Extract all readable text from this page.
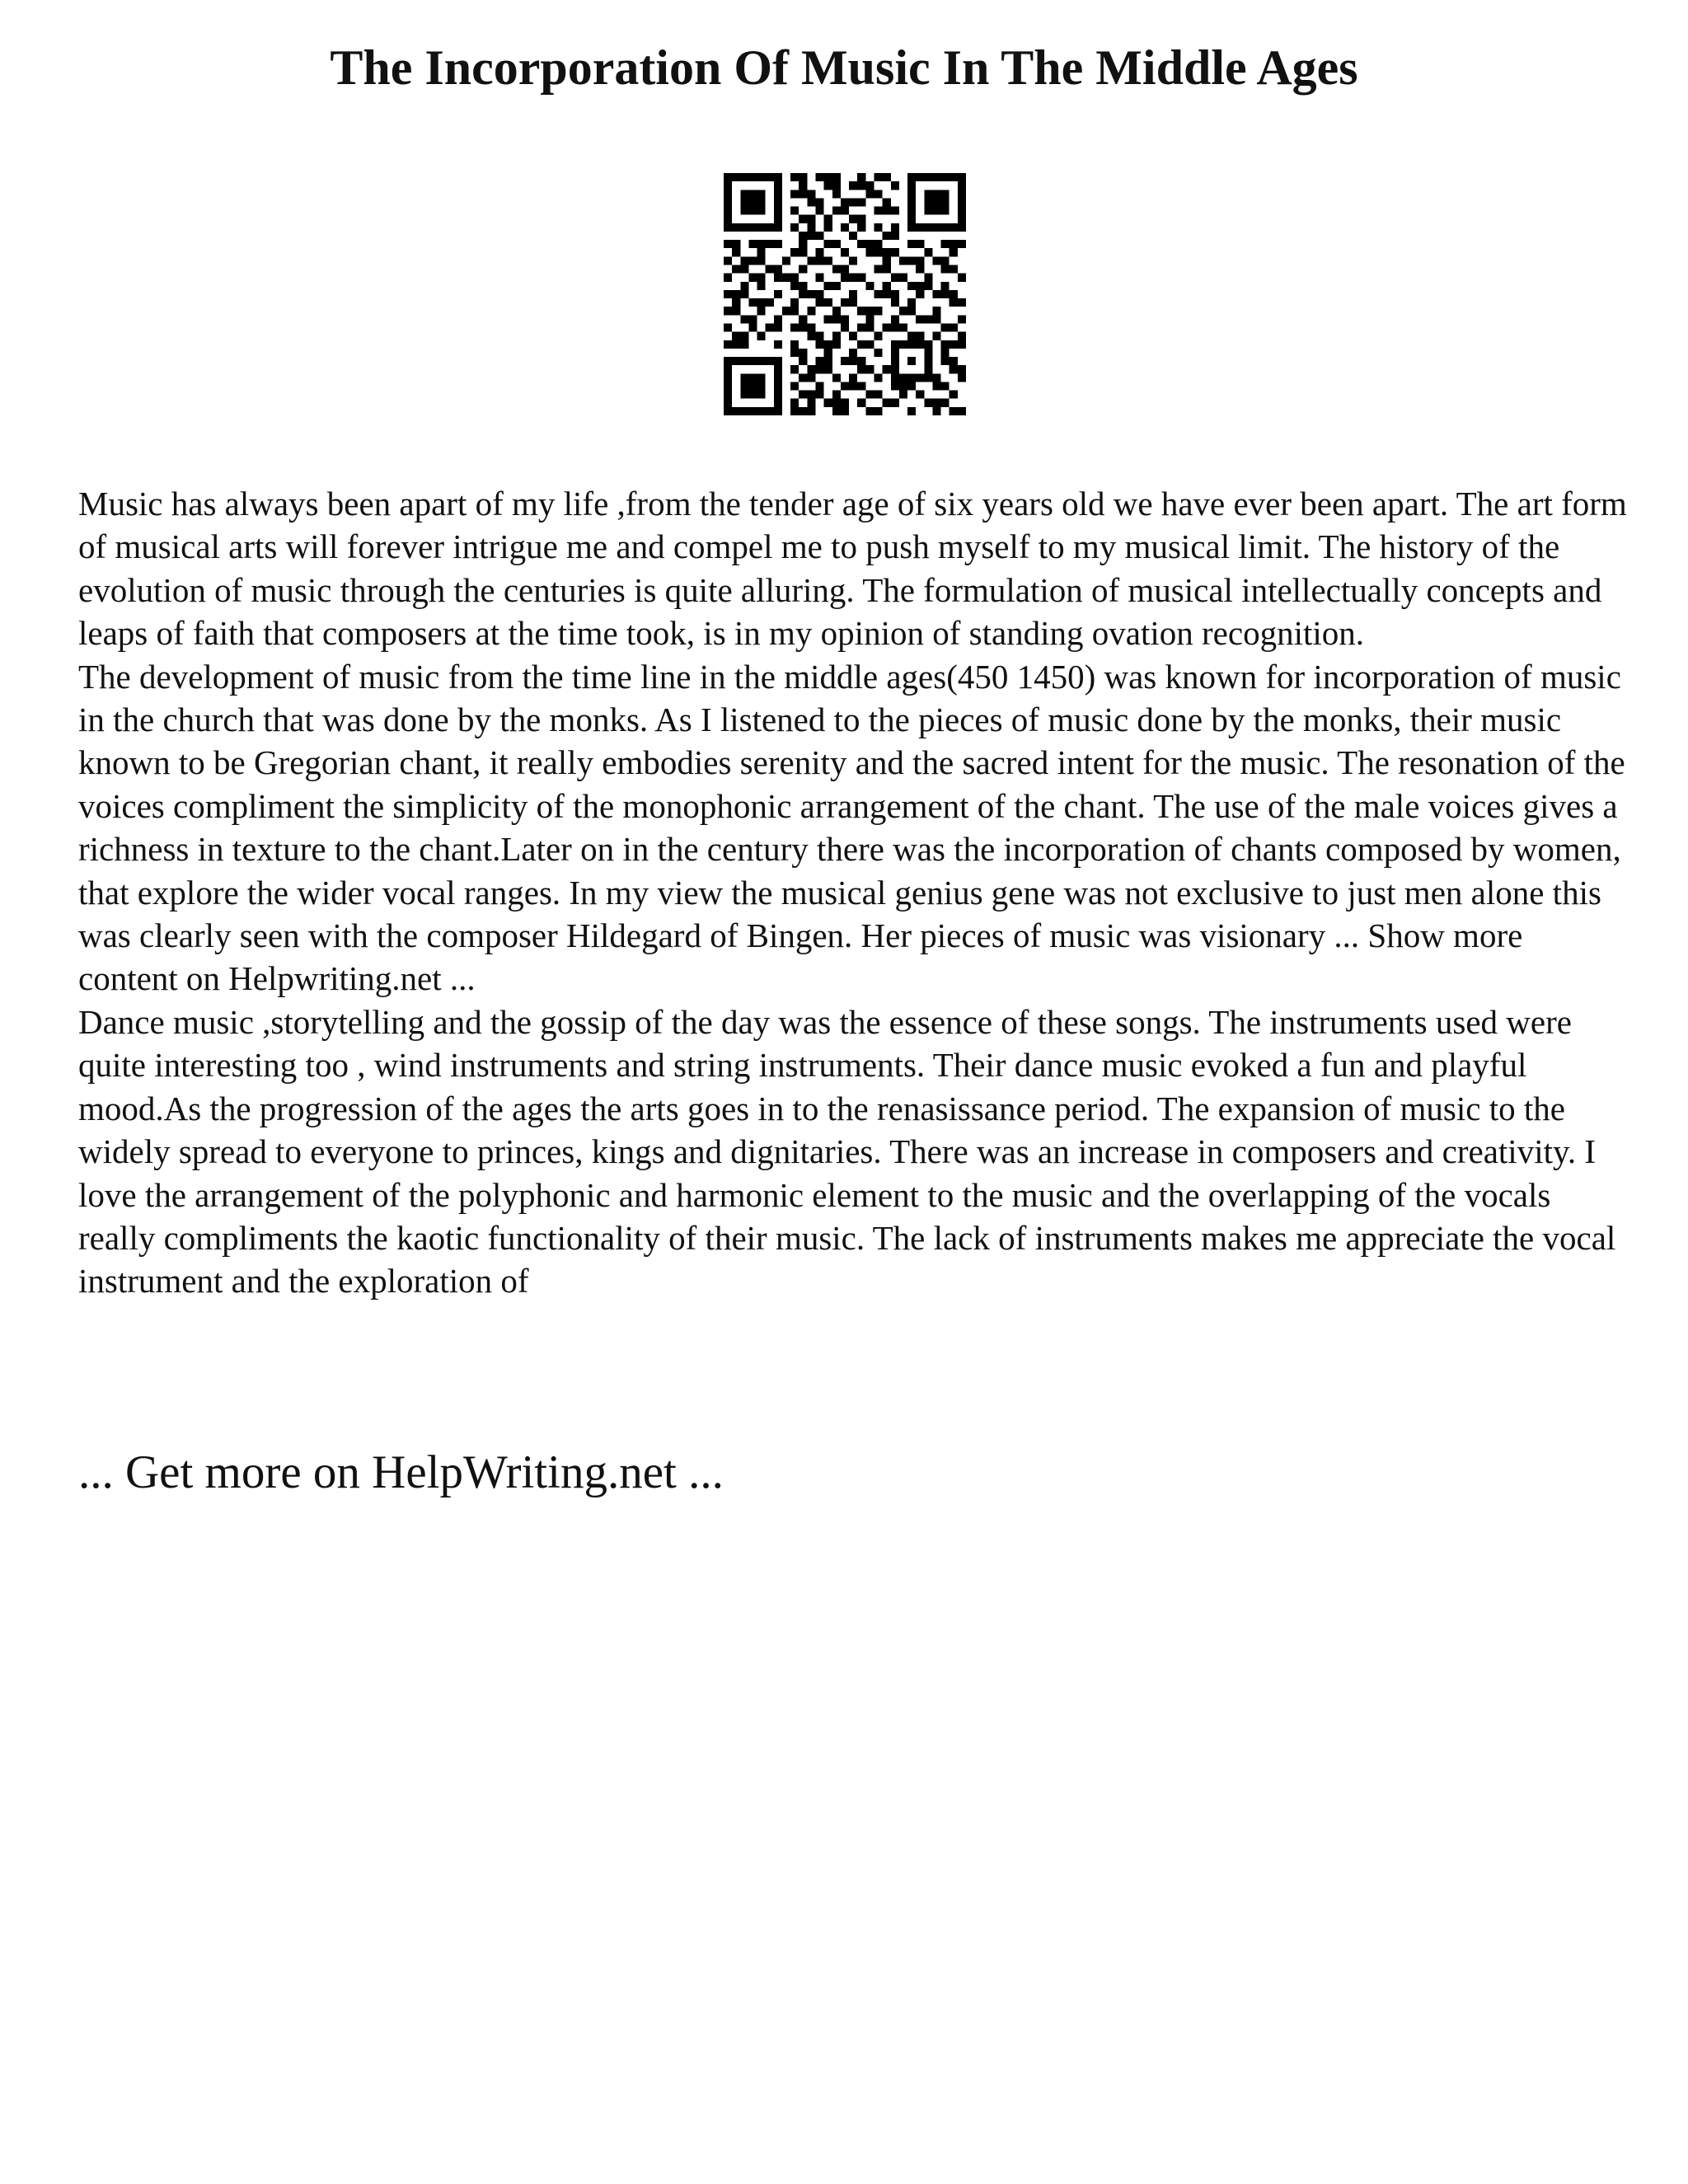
The Incorporation Of Music In The Middle Ages

Music has always been apart of my life ,from the tender age of six years old we have ever been apart. The art form of musical arts will forever intrigue me and compel me to push myself to my musical limit. The history of the evolution of music through the centuries is quite alluring. The formulation of musical intellectually concepts and leaps of faith that composers at the time took, is in my opinion of standing ovation recognition.

The development of music from the time line in the middle ages(450 1450) was known for incorporation of music in the church that was done by the monks. As I listened to the pieces of music done by the monks, their music known to be Gregorian chant, it really embodies serenity and the sacred intent for the music. The resonation of the voices compliment the simplicity of the monophonic arrangement of the chant. The use of the male voices gives a richness in texture to the chant.Later on in the century there was the incorporation of chants composed by women, that explore the wider vocal ranges. In my view the musical genius gene was not exclusive to just men alone this was clearly seen with the composer Hildegard of Bingen. Her pieces of music was visionary ... Show more content on Helpwriting.net ...

Dance music ,storytelling and the gossip of the day was the essence of these songs. The instruments used were quite interesting too , wind instruments and string instruments. Their dance music evoked a fun and playful mood.As the progression of the ages the arts goes in to the renasissance period. The expansion of music to the widely spread to everyone to princes, kings and dignitaries. There was an increase in composers and creativity. I love the arrangement of the polyphonic and harmonic element to the music and the overlapping of the vocals really compliments the kaotic functionality of their music. The lack of instruments makes me appreciate the vocal instrument and the exploration of

... Get more on HelpWriting.net ...
